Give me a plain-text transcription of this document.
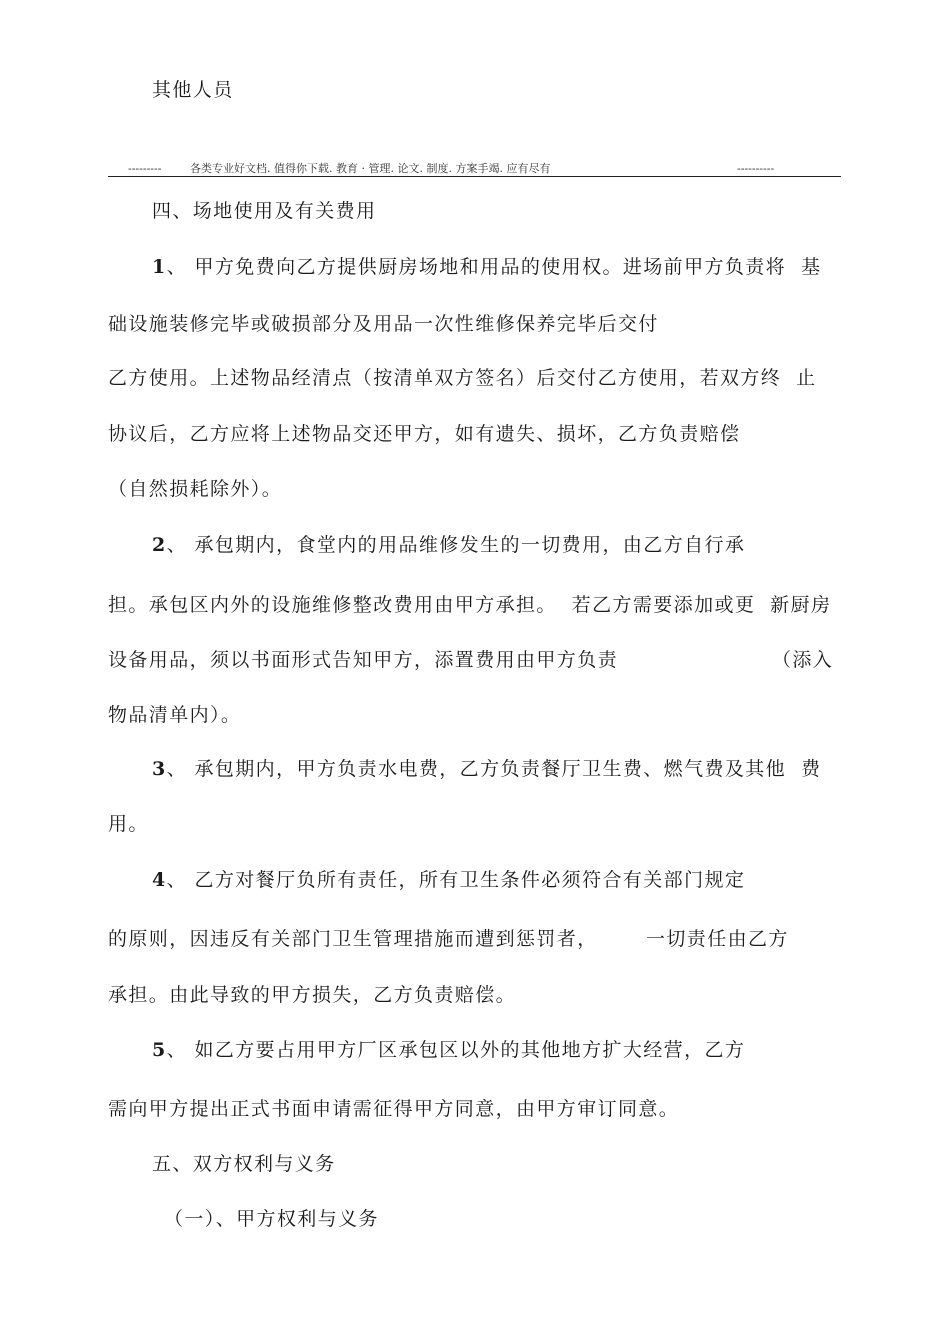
其他人员
---------	各类专业好文档. 值得你下载. 教育 · 管理. 论文. 制度. 方案手竭. 应有尽有	----------
四、场地使用及有关费用
1、 甲方免费向乙方提供厨房场地和用品的使用权。进场前甲方负责将  基
础设施装修完毕或破损部分及用品一次性维修保养完毕后交付
乙方使用。上述物品经清点（按清单双方签名）后交付乙方使用，若双方终  止
协议后，乙方应将上述物品交还甲方，如有遗失、损坏，乙方负责赔偿
（自然损耗除外）。
2、 承包期内，食堂内的用品维修发生的一切费用，由乙方自行承
担。承包区内外的设施维修整改费用由甲方承担。  若乙方需要添加或更  新厨房
设备用品，须以书面形式告知甲方，添置费用由甲方负责	（添入
物品清单内）。
3、 承包期内，甲方负责水电费，乙方负责餐厅卫生费、燃气费及其他  费
用。
4、 乙方对餐厅负所有责任，所有卫生条件必须符合有关部门规定
的原则，因违反有关部门卫生管理措施而遭到惩罚者，	一切责任由乙方
承担。由此导致的甲方损失，乙方负责赔偿。
5、 如乙方要占用甲方厂区承包区以外的其他地方扩大经营，乙方
需向甲方提出正式书面申请需征得甲方同意，由甲方审订同意。
五、双方权利与义务
（一）、甲方权利与义务
